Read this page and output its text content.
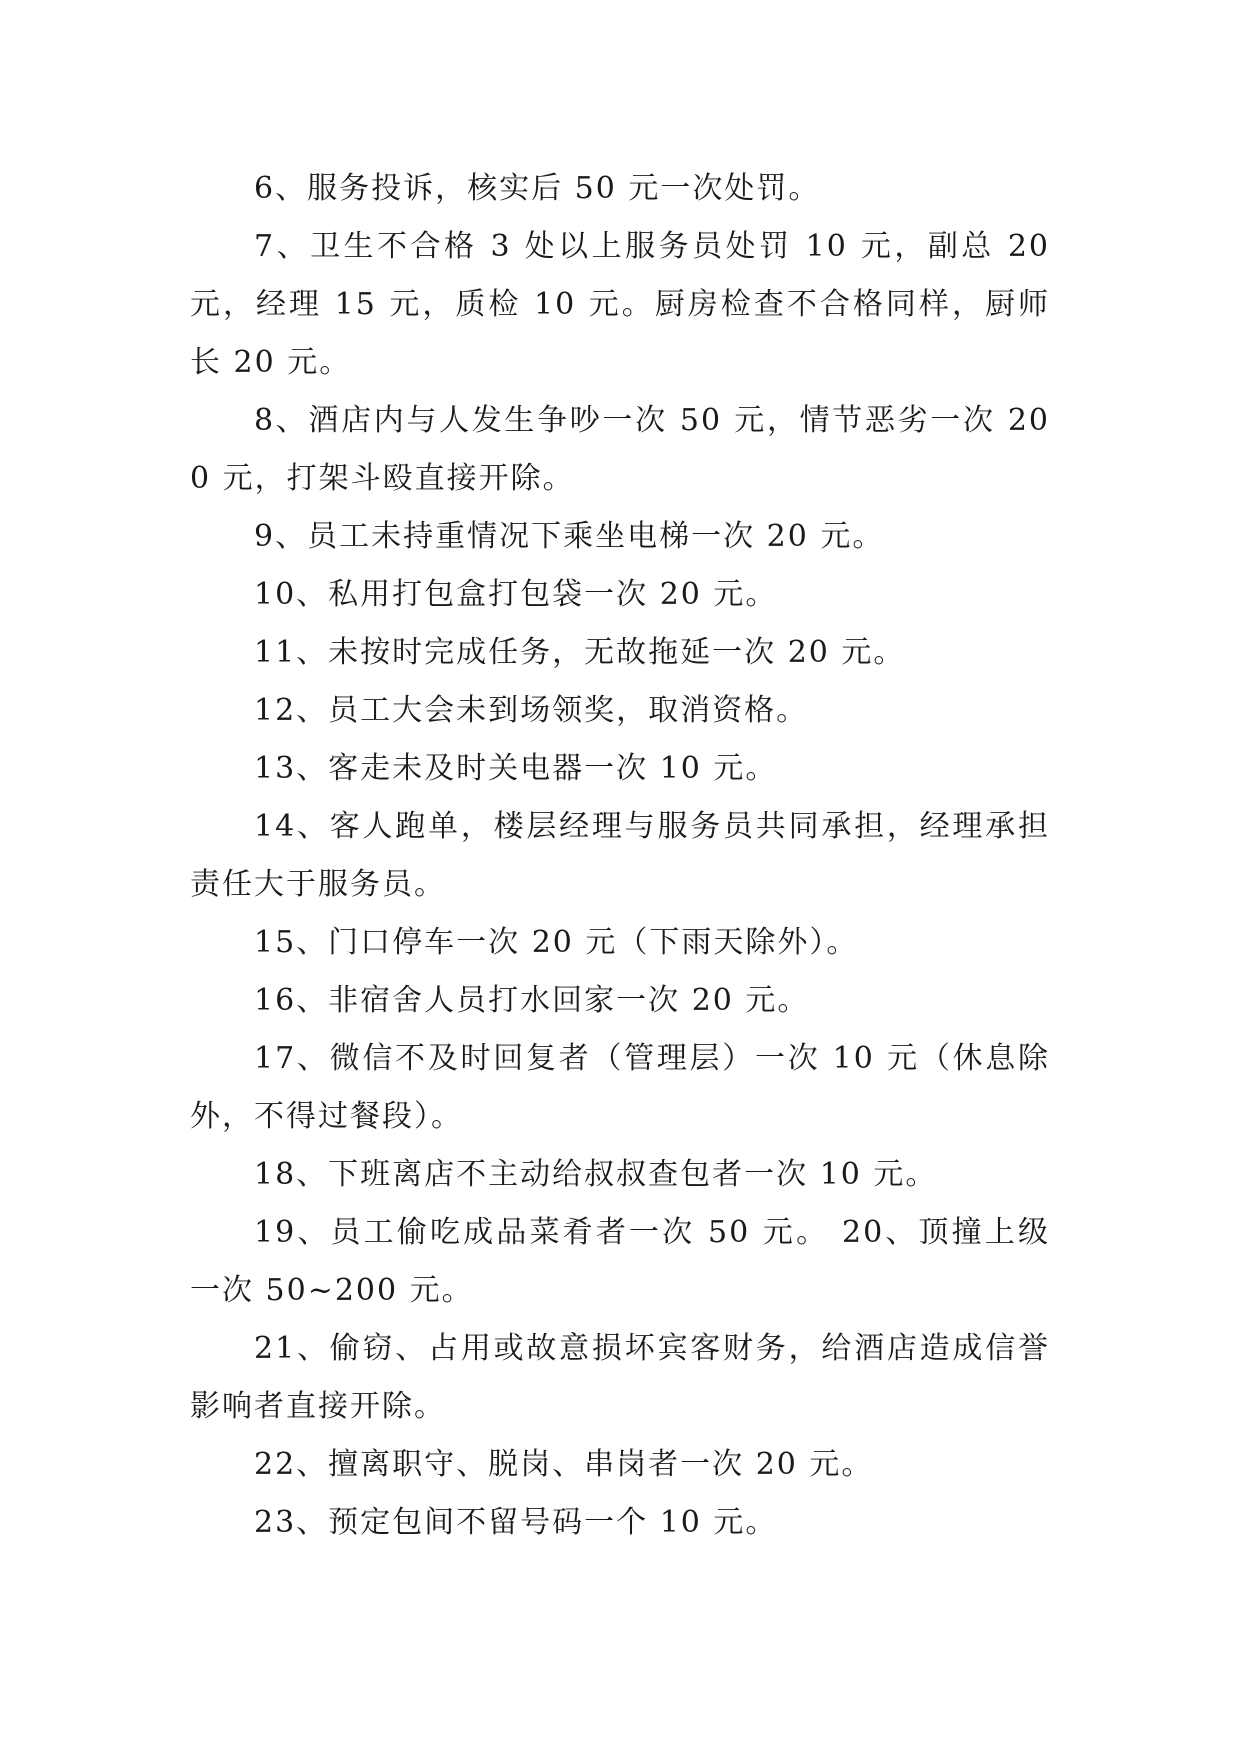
6、服务投诉，核实后 50 元一次处罚。

7、卫生不合格 3 处以上服务员处罚 10 元，副总 20 元，经理 15 元，质检 10 元。厨房检查不合格同样，厨师长 20 元。

8、酒店内与人发生争吵一次 50 元，情节恶劣一次 200 元，打架斗殴直接开除。

9、员工未持重情况下乘坐电梯一次 20 元。

10、私用打包盒打包袋一次 20 元。

11、未按时完成任务，无故拖延一次 20 元。

12、员工大会未到场领奖，取消资格。

13、客走未及时关电器一次 10 元。

14、客人跑单，楼层经理与服务员共同承担，经理承担责任大于服务员。

15、门口停车一次 20 元（下雨天除外）。

16、非宿舍人员打水回家一次 20 元。

17、微信不及时回复者（管理层）一次 10 元（休息除外，不得过餐段）。

18、下班离店不主动给叔叔查包者一次 10 元。

19、员工偷吃成品菜肴者一次 50 元。 20、顶撞上级一次 50~200 元。

21、偷窃、占用或故意损坏宾客财务，给酒店造成信誉影响者直接开除。

22、擅离职守、脱岗、串岗者一次 20 元。

23、预定包间不留号码一个 10 元。
